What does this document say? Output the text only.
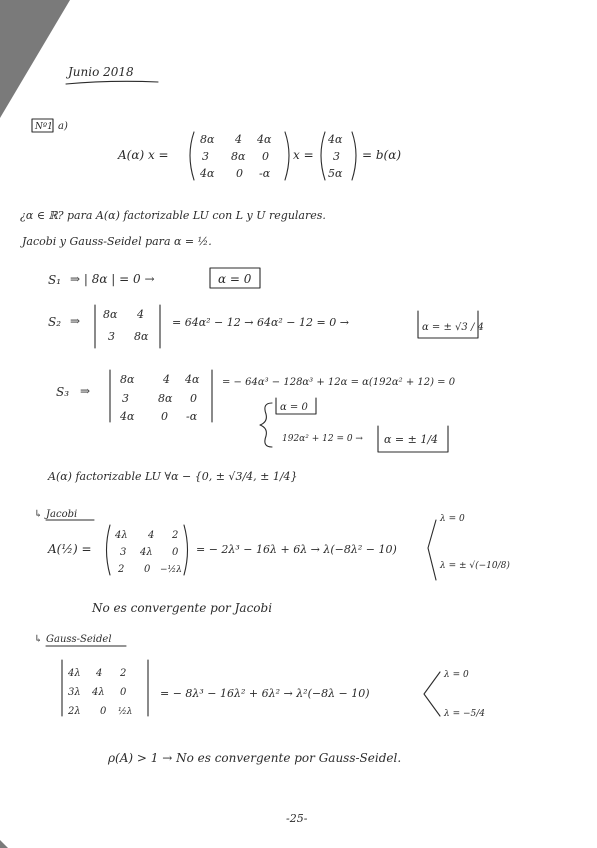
Junio 2018
Nº1 a)
A(α) x =
8α 4 4α
3 8α 0
4α 0 -α
x =
4α
3
5α
= b(α)
¿α ∈ ℝ? para A(α) factorizable LU con L y U regulares.
Jacobi y Gauss-Seidel para α = ½.
S₁ ⇒ | 8α | = 0 →	α = 0
S₂ ⇒ 8α 4
3 8α
= 64α² − 12 → 64α² − 12 = 0 →	α = ± √3 / 4
S₃ ⇒
8α	4 4α
3	8α 0
4α 0 -α
= − 64α³ − 128α³ + 12α = α(192α² + 12) = 0
α = 0
192α² + 12 = 0 → α = ± 1/4
A(α) factorizable LU ∀α − {0, ± √3/4, ± 1/4}
↳ Jacobi
A(½) =
4λ 4 2
3 4λ 0
2 0 −½λ
= − 2λ³ − 16λ + 6λ → λ(−8λ² − 10)
λ = 0
λ = ± √(−10/8)
No es convergente por Jacobi
↳ Gauss-Seidel
4λ 4 2
3λ 4λ 0
2λ 0 ½λ
= − 8λ³ − 16λ² + 6λ² → λ²(−8λ − 10)
λ = 0
λ = −5/4
ρ(A) > 1 → No es convergente por Gauss-Seidel.
-25-
